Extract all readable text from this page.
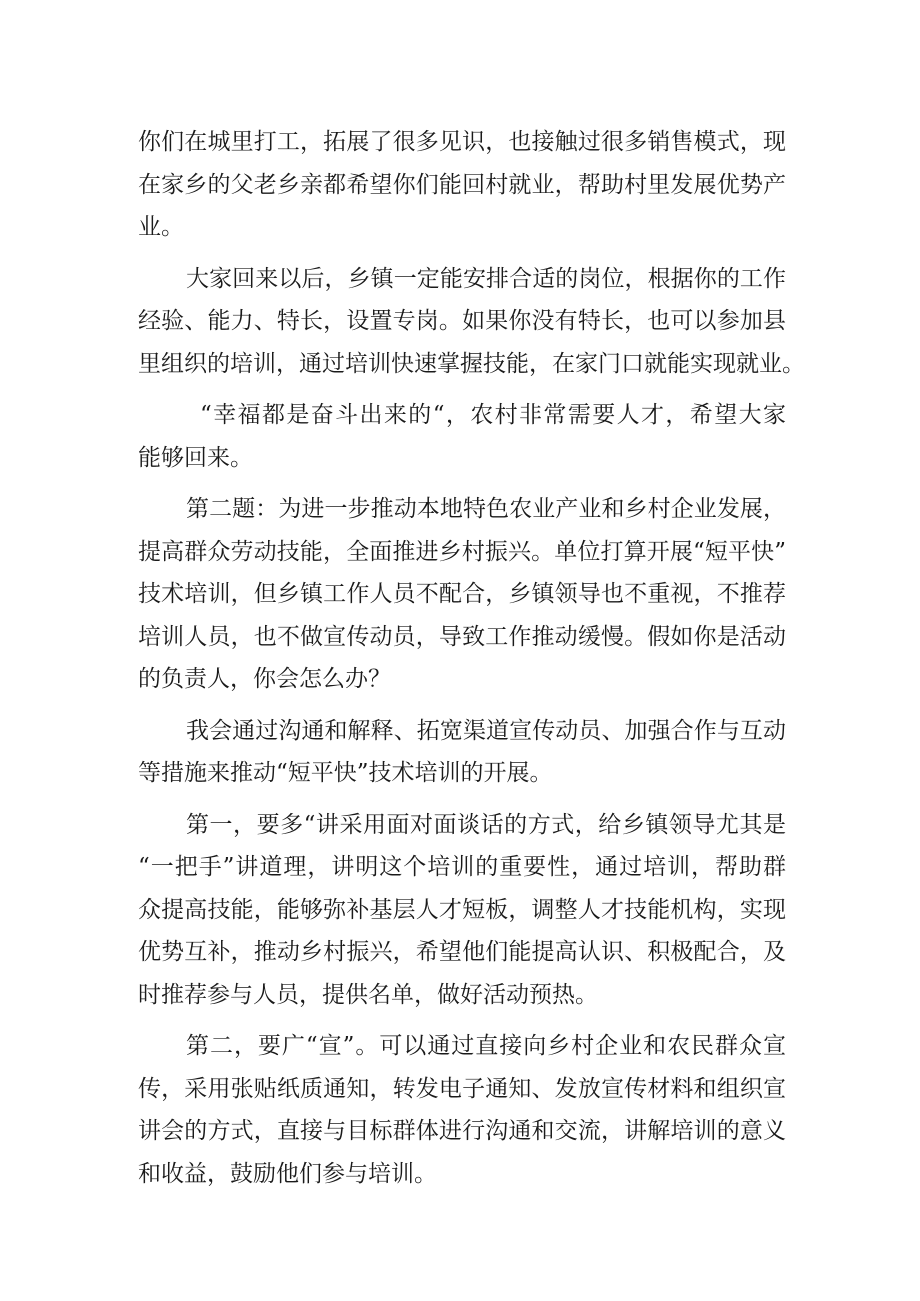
你们在城里打工，拓展了很多见识，也接触过很多销售模式，现
在家乡的父老乡亲都希望你们能回村就业，帮助村里发展优势产
业。
大家回来以后，乡镇一定能安排合适的岗位，根据你的工作
经验、能力、特长，设置专岗。如果你没有特长，也可以参加县
里组织的培训，通过培训快速掌握技能，在家门口就能实现就业。
“幸福都是奋斗出来的“，农村非常需要人才，希望大家
能够回来。
第二题：为进一步推动本地特色农业产业和乡村企业发展，
提高群众劳动技能，全面推进乡村振兴。单位打算开展“短平快”
技术培训，但乡镇工作人员不配合，乡镇领导也不重视，不推荐
培训人员，也不做宣传动员，导致工作推动缓慢。假如你是活动
的负责人，你会怎么办？
我会通过沟通和解释、拓宽渠道宣传动员、加强合作与互动
等措施来推动“短平快”技术培训的开展。
第一，要多“讲采用面对面谈话的方式，给乡镇领导尤其是
“一把手”讲道理，讲明这个培训的重要性，通过培训，帮助群
众提高技能，能够弥补基层人才短板，调整人才技能机构，实现
优势互补，推动乡村振兴，希望他们能提高认识、积极配合，及
时推荐参与人员，提供名单，做好活动预热。
第二，要广“宣”。可以通过直接向乡村企业和农民群众宣
传，采用张贴纸质通知，转发电子通知、发放宣传材料和组织宣
讲会的方式，直接与目标群体进行沟通和交流，讲解培训的意义
和收益，鼓励他们参与培训。
